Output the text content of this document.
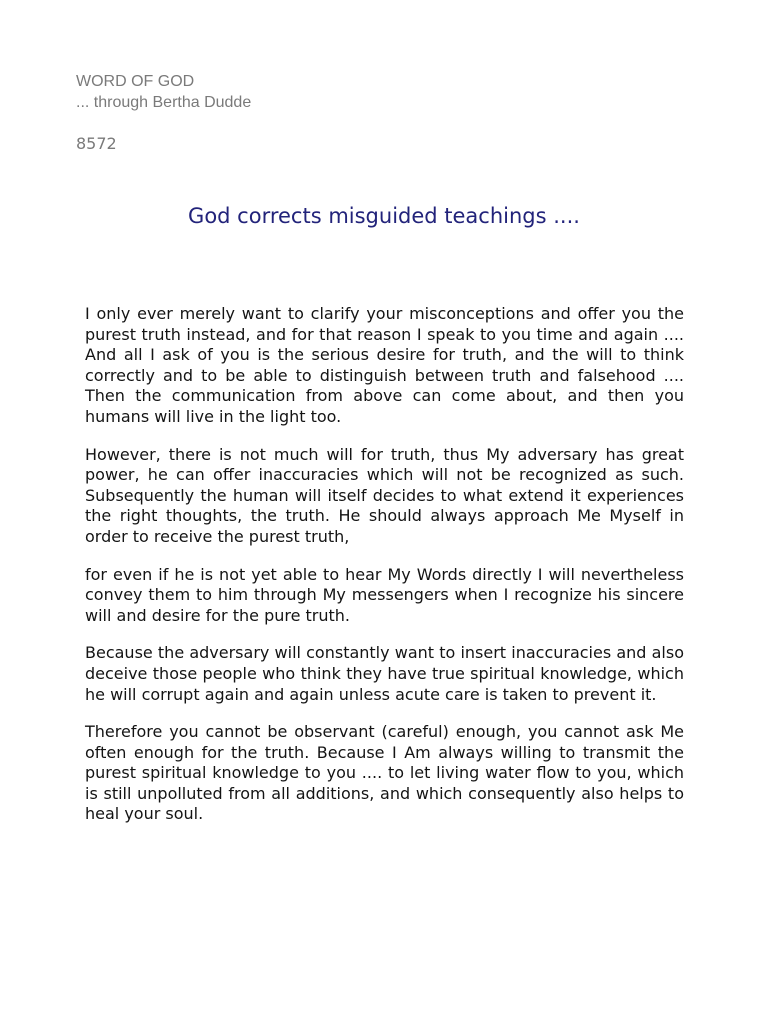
WORD OF GOD
... through Bertha Dudde
8572
God corrects misguided teachings ....

I only ever merely want to clarify your misconceptions and offer you the purest truth instead, and for that reason I speak to you time and again .... And all I ask of you is the serious desire for truth, and the will to think correctly and to be able to distinguish between truth and falsehood .... Then the communication from above can come about, and then you humans will live in the light too.

However, there is not much will for truth, thus My adversary has great power, he can offer inaccuracies which will not be recognized as such. Subsequently the human will itself decides to what extend it experiences the right thoughts, the truth. He should always approach Me Myself in order to receive the purest truth,

for even if he is not yet able to hear My Words directly I will nevertheless convey them to him through My messengers when I recognize his sincere will and desire for the pure truth.

Because the adversary will constantly want to insert inaccuracies and also deceive those people who think they have true spiritual knowledge, which he will corrupt again and again unless acute care is taken to prevent it.

Therefore you cannot be observant (careful) enough, you cannot ask Me often enough for the truth. Because I Am always willing to transmit the purest spiritual knowledge to you .... to let living water flow to you, which is still unpolluted from all additions, and which consequently also helps to heal your soul.
